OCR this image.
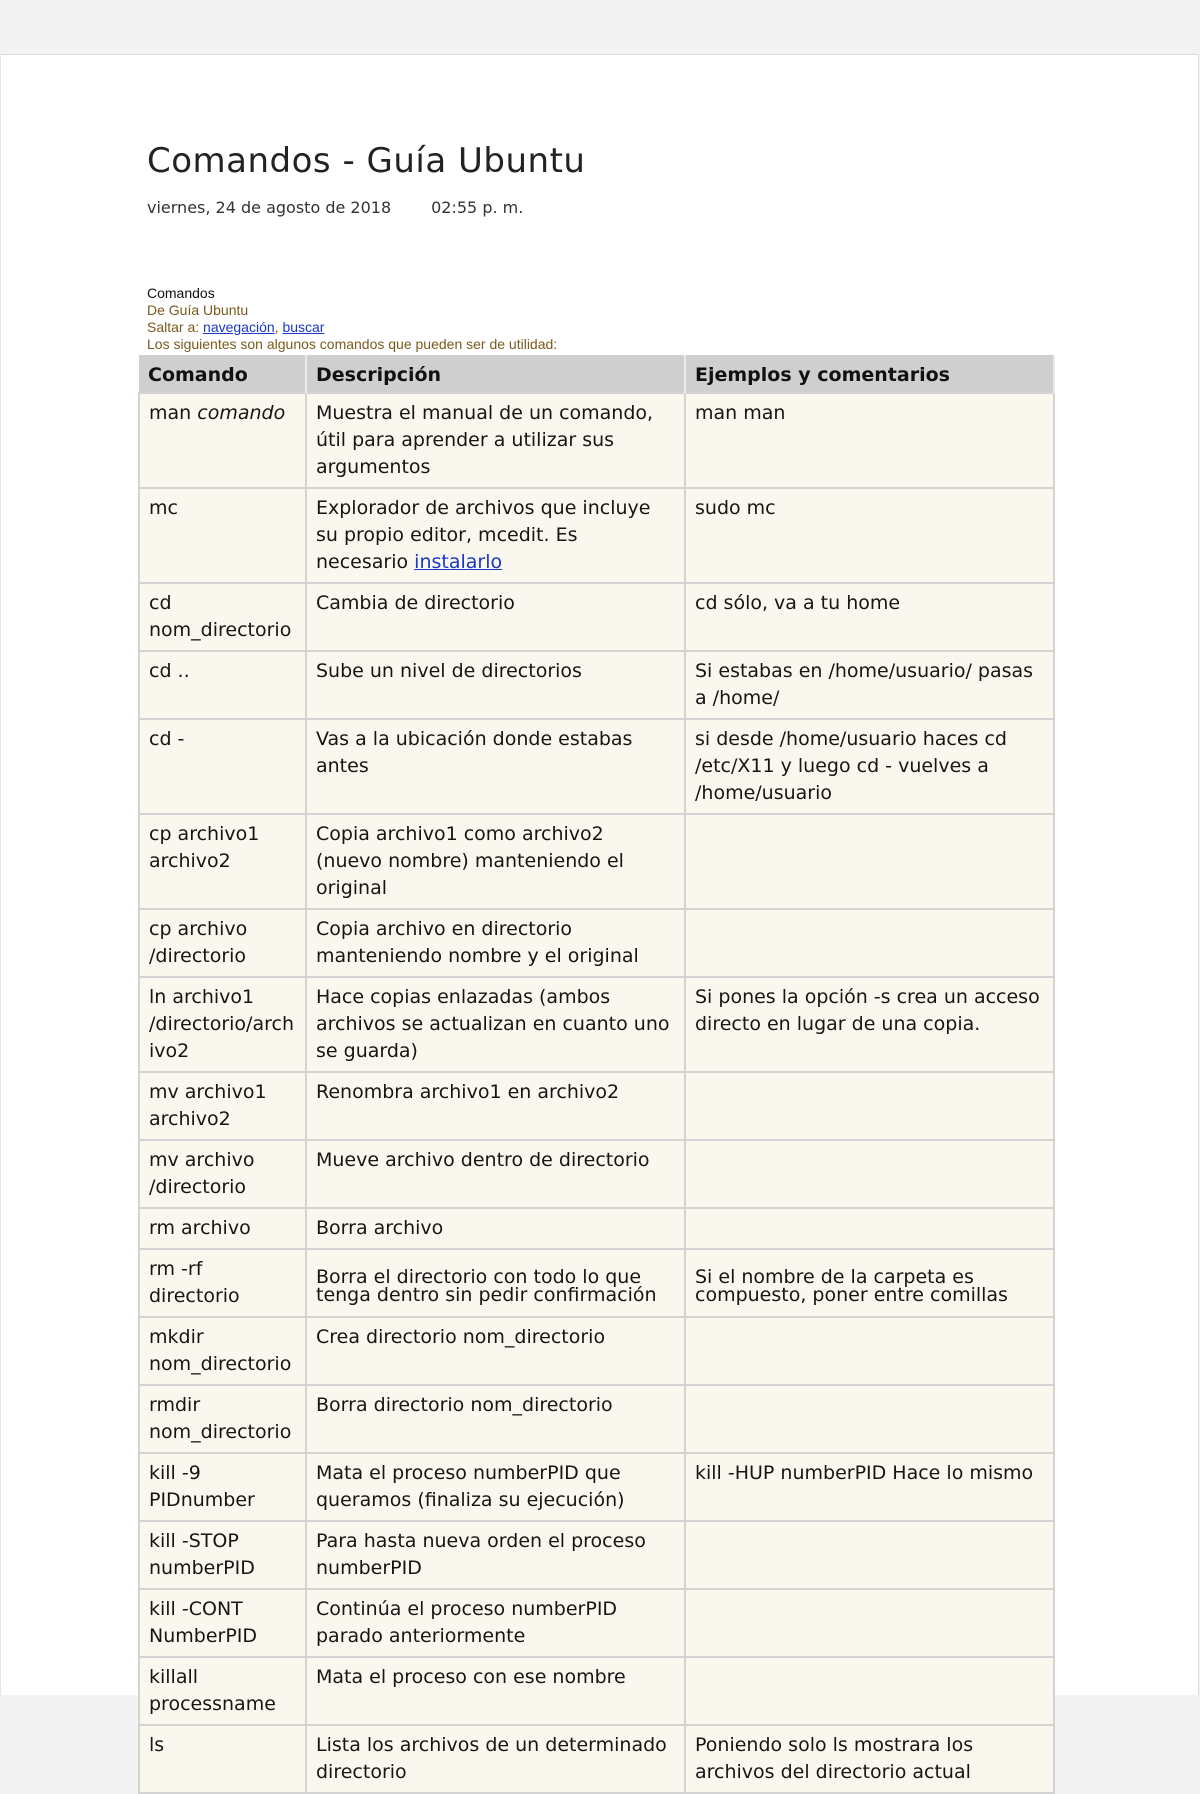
Comandos - Guía Ubuntu
viernes, 24 de agosto de 2018	02:55 p. m.
Comandos
De Guía Ubuntu
Saltar a: navegación, buscar
Los siguientes son algunos comandos que pueden ser de utilidad:
Comando	Descripción	Ejemplos y comentarios
man comando	Muestra el manual de un comando, útil para aprender a utilizar sus argumentos	man man
mc	Explorador de archivos que incluye su propio editor, mcedit. Es necesario instalarlo	sudo mc
cd nom_directorio	Cambia de directorio	cd sólo, va a tu home
cd ..	Sube un nivel de directorios	Si estabas en /home/usuario/ pasas a /home/
cd -	Vas a la ubicación donde estabas antes	si desde /home/usuario haces cd /etc/X11 y luego cd - vuelves a /home/usuario
cp archivo1 archivo2	Copia archivo1 como archivo2 (nuevo nombre) manteniendo el original	
cp archivo /directorio	Copia archivo en directorio manteniendo nombre y el original	
ln archivo1 /directorio/archivo2	Hace copias enlazadas (ambos archivos se actualizan en cuanto uno se guarda)	Si pones la opción -s crea un acceso directo en lugar de una copia.
mv archivo1 archivo2	Renombra archivo1 en archivo2	
mv archivo /directorio	Mueve archivo dentro de directorio	
rm archivo	Borra archivo	
rm -rf directorio	Borra el directorio con todo lo que tenga dentro sin pedir confirmación	Si el nombre de la carpeta es compuesto, poner entre comillas
mkdir nom_directorio	Crea directorio nom_directorio	
rmdir nom_directorio	Borra directorio nom_directorio	
kill -9 PIDnumber	Mata el proceso numberPID que queramos (finaliza su ejecución)	kill -HUP numberPID Hace lo mismo
kill -STOP numberPID	Para hasta nueva orden el proceso numberPID	
kill -CONT NumberPID	Continúa el proceso numberPID parado anteriormente	
killall processname	Mata el proceso con ese nombre	
ls	Lista los archivos de un determinado directorio	Poniendo solo ls mostrara los archivos del directorio actual
